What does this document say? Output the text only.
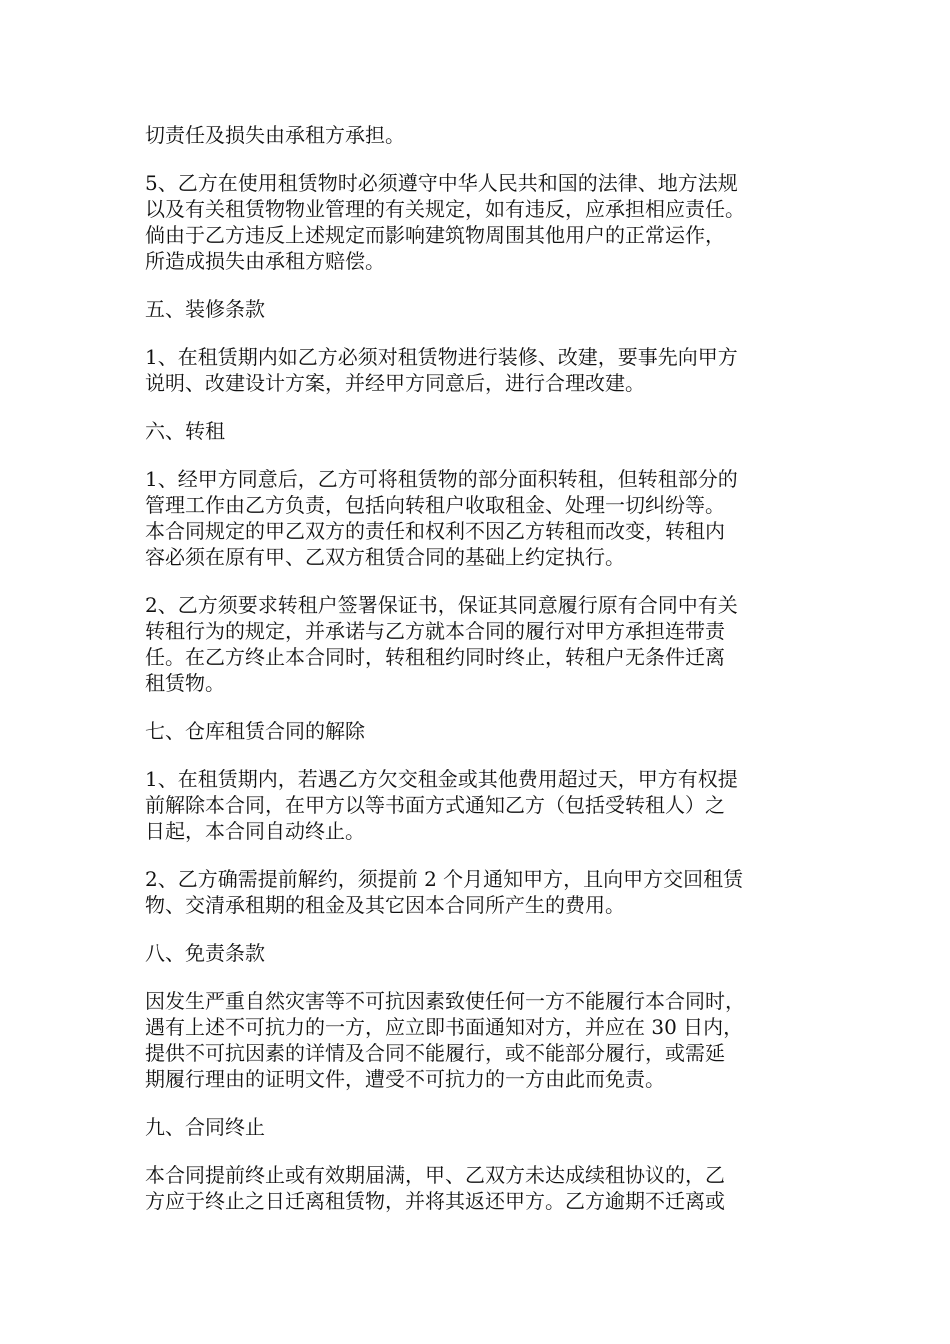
切责任及损失由承租方承担。
5、乙方在使用租赁物时必须遵守中华人民共和国的法律、地方法规
以及有关租赁物物业管理的有关规定，如有违反，应承担相应责任。
倘由于乙方违反上述规定而影响建筑物周围其他用户的正常运作，
所造成损失由承租方赔偿。
五、装修条款
1、在租赁期内如乙方必须对租赁物进行装修、改建，要事先向甲方
说明、改建设计方案，并经甲方同意后，进行合理改建。
六、转租
1、经甲方同意后，乙方可将租赁物的部分面积转租，但转租部分的
管理工作由乙方负责，包括向转租户收取租金、处理一切纠纷等。
本合同规定的甲乙双方的责任和权利不因乙方转租而改变，转租内
容必须在原有甲、乙双方租赁合同的基础上约定执行。
2、乙方须要求转租户签署保证书，保证其同意履行原有合同中有关
转租行为的规定，并承诺与乙方就本合同的履行对甲方承担连带责
任。在乙方终止本合同时，转租租约同时终止，转租户无条件迁离
租赁物。
七、仓库租赁合同的解除
1、在租赁期内，若遇乙方欠交租金或其他费用超过天，甲方有权提
前解除本合同，在甲方以等书面方式通知乙方（包括受转租人）之
日起，本合同自动终止。
2、乙方确需提前解约，须提前 2 个月通知甲方，且向甲方交回租赁
物、交清承租期的租金及其它因本合同所产生的费用。
八、免责条款
因发生严重自然灾害等不可抗因素致使任何一方不能履行本合同时，
遇有上述不可抗力的一方，应立即书面通知对方，并应在 30 日内，
提供不可抗因素的详情及合同不能履行，或不能部分履行，或需延
期履行理由的证明文件，遭受不可抗力的一方由此而免责。
九、合同终止
本合同提前终止或有效期届满，甲、乙双方未达成续租协议的，乙
方应于终止之日迁离租赁物，并将其返还甲方。乙方逾期不迁离或
